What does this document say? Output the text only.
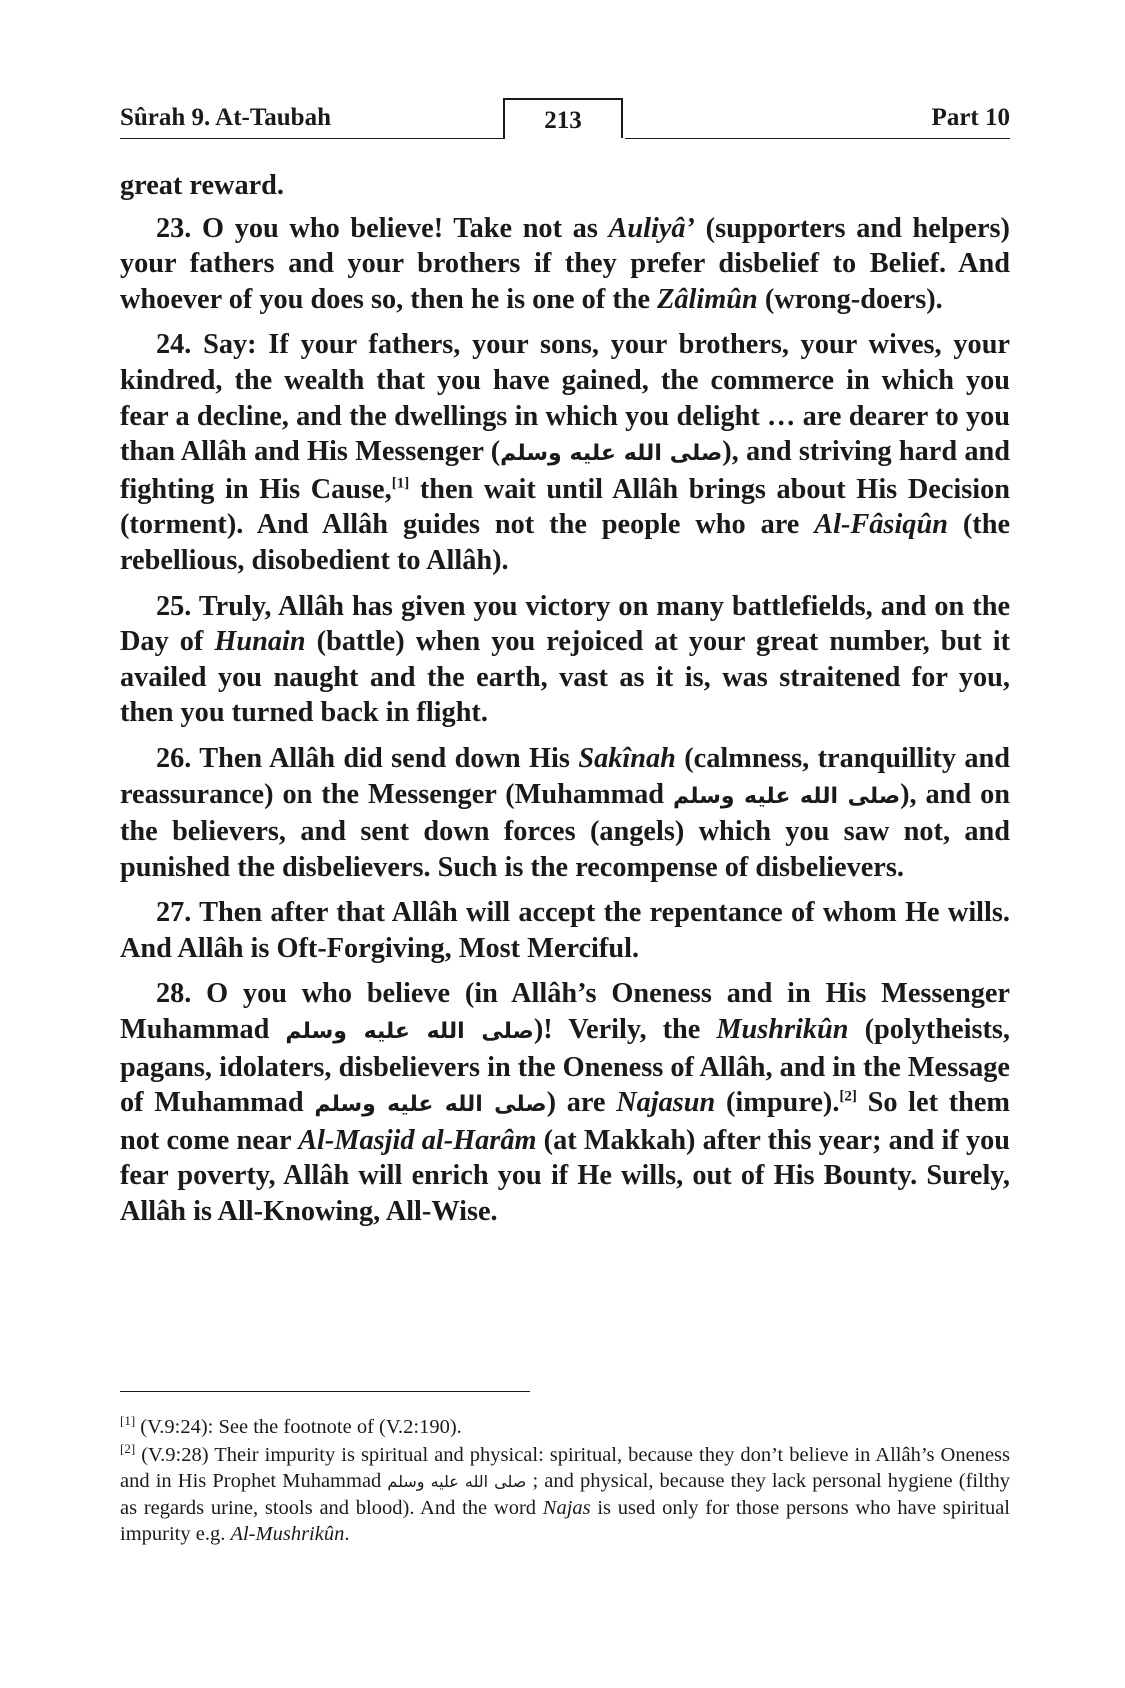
Sûrah 9. At-Taubah	213	Part 10

great reward.

23. O you who believe! Take not as Auliyâ’ (supporters and helpers) your fathers and your brothers if they prefer disbelief to Belief. And whoever of you does so, then he is one of the Zâlimûn (wrong-doers).

24. Say: If your fathers, your sons, your brothers, your wives, your kindred, the wealth that you have gained, the commerce in which you fear a decline, and the dwellings in which you delight … are dearer to you than Allâh and His Messenger (صلى الله عليه وسلم), and striving hard and fighting in His Cause,[1] then wait until Allâh brings about His Decision (torment). And Allâh guides not the people who are Al-Fâsiqûn (the rebellious, disobedient to Allâh).

25. Truly, Allâh has given you victory on many battlefields, and on the Day of Hunain (battle) when you rejoiced at your great number, but it availed you naught and the earth, vast as it is, was straitened for you, then you turned back in flight.

26. Then Allâh did send down His Sakînah (calmness, tranquillity and reassurance) on the Messenger (Muhammad صلى الله عليه وسلم), and on the believers, and sent down forces (angels) which you saw not, and punished the disbelievers. Such is the recompense of disbelievers.

27. Then after that Allâh will accept the repentance of whom He wills. And Allâh is Oft-Forgiving, Most Merciful.

28. O you who believe (in Allâh’s Oneness and in His Messenger Muhammad صلى الله عليه وسلم)! Verily, the Mushrikûn (polytheists, pagans, idolaters, disbelievers in the Oneness of Allâh, and in the Message of Muhammad صلى الله عليه وسلم) are Najasun (impure).[2] So let them not come near Al-Masjid al-Harâm (at Makkah) after this year; and if you fear poverty, Allâh will enrich you if He wills, out of His Bounty. Surely, Allâh is All-Knowing, All-Wise.

[1] (V.9:24): See the footnote of (V.2:190).

[2] (V.9:28) Their impurity is spiritual and physical: spiritual, because they don’t believe in Allâh’s Oneness and in His Prophet Muhammad صلى الله عليه وسلم ; and physical, because they lack personal hygiene (filthy as regards urine, stools and blood). And the word Najas is used only for those persons who have spiritual impurity e.g. Al-Mushrikûn.
